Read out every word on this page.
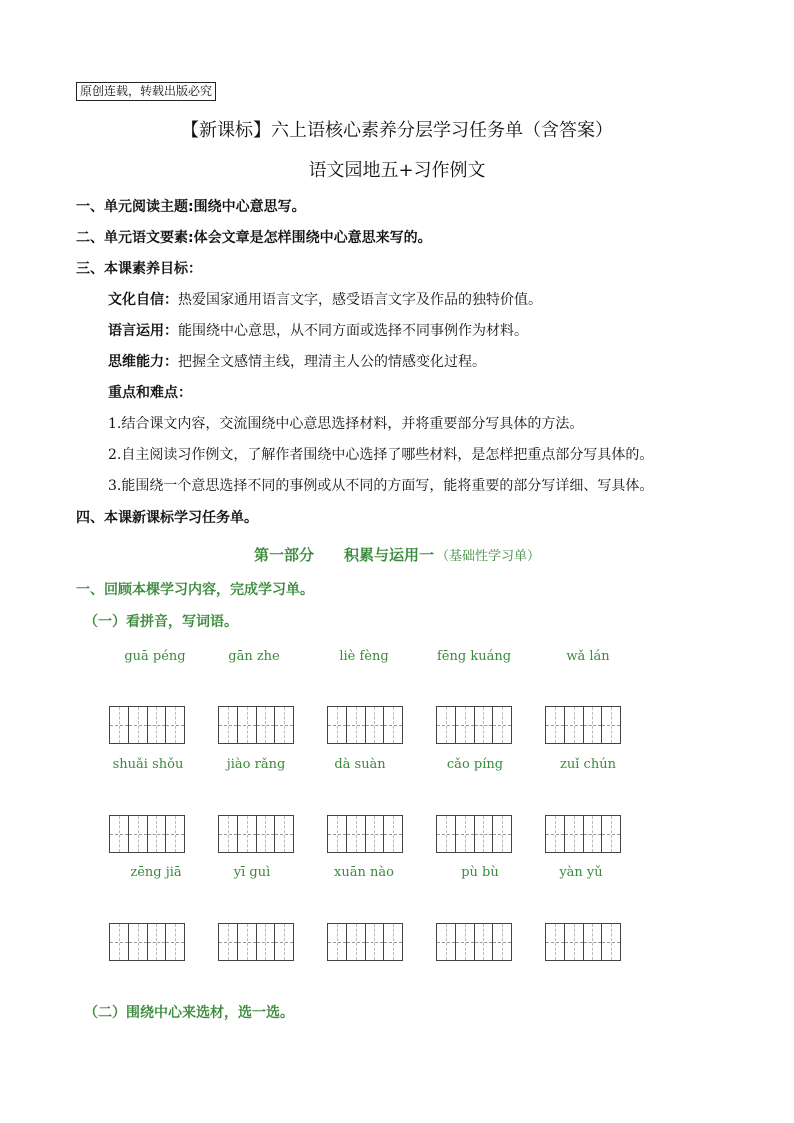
原创连载，转载出版必究
【新课标】六上语核心素养分层学习任务单（含答案）
语文园地五+习作例文
一、单元阅读主题:围绕中心意思写。
二、单元语文要素:体会文章是怎样围绕中心意思来写的。
三、本课素养目标：
文化自信：热爱国家通用语言文字，感受语言文字及作品的独特价值。
语言运用：能围绕中心意思，从不同方面或选择不同事例作为材料。
思维能力：把握全文感情主线，理清主人公的情感变化过程。
重点和难点：
1.结合课文内容，交流围绕中心意思选择材料，并将重要部分写具体的方法。
2.自主阅读习作例文，了解作者围绕中心选择了哪些材料，是怎样把重点部分写具体的。
3.能围绕一个意思选择不同的事例或从不同的方面写，能将重要的部分写详细、写具体。
四、本课新课标学习任务单。
第一部分　　积累与运用一 （基础性学习单）
一、回顾本棵学习内容，完成学习单。
（一）看拼音，写词语。
guā péng	gān zhe	liè fèng	fēng kuáng	wǎ lán
shuǎi shǒu	jiào rǎng	dà suàn	cǎo píng	zuǐ chún
zēng jiā	yī guì	xuān nào	pù bù	yàn yǔ
（二）围绕中心来选材，选一选。
